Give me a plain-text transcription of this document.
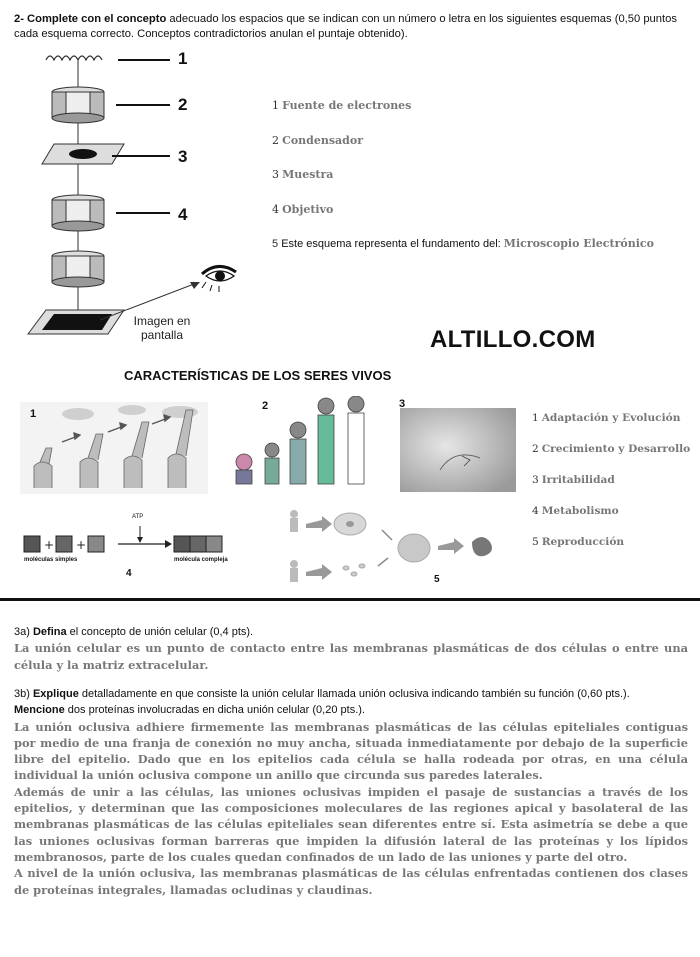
2- Complete con el concepto adecuado los espacios que se indican con un número o letra en los siguientes esquemas (0,50 puntos cada esquema correcto. Conceptos contradictorios anulan el puntaje obtenido).
1
2
3
4
Imagen en
pantalla
1 Fuente de electrones
2 Condensador
3 Muestra
4 Objetivo
5 Este esquema representa el fundamento del: Microscopio Electrónico
ALTILLO.COM
CARACTERÍSTICAS DE LOS SERES VIVOS
1
2	3
+ +
ATP
moléculas simples	molécula compleja
4
5
1 Adaptación y Evolución
2 Crecimiento y Desarrollo
3 Irritabilidad
4 Metabolismo
5 Reproducción
3a) Defina el concepto de unión celular (0,4 pts).
La unión celular es un punto de contacto entre las membranas plasmáticas de dos células o entre una célula y la matriz extracelular.
3b) Explique detalladamente en que consiste la unión celular llamada unión oclusiva indicando también su función (0,60 pts.).
Mencione dos proteínas involucradas en dicha unión celular (0,20 pts.).
La unión oclusiva adhiere firmemente las membranas plasmáticas de las células epiteliales contiguas por medio de una franja de conexión no muy ancha, situada inmediatamente por debajo de la superficie libre del epitelio. Dado que en los epitelios cada célula se halla rodeada por otras, en una célula individual la unión oclusiva compone un anillo que circunda sus paredes laterales.
Además de unir a las células, las uniones oclusivas impiden el pasaje de sustancias a través de los epitelios, y determinan que las composiciones moleculares de las regiones apical y basolateral de las membranas plasmáticas de las células epiteliales sean diferentes entre sí. Esta asimetría se debe a que las uniones oclusivas forman barreras que impiden la difusión lateral de las proteínas y los lípidos membranosos, parte de los cuales quedan confinados de un lado de las uniones y parte del otro.
A nivel de la unión oclusiva, las membranas plasmáticas de las células enfrentadas contienen dos clases de proteínas integrales, llamadas ocludinas y claudinas.
